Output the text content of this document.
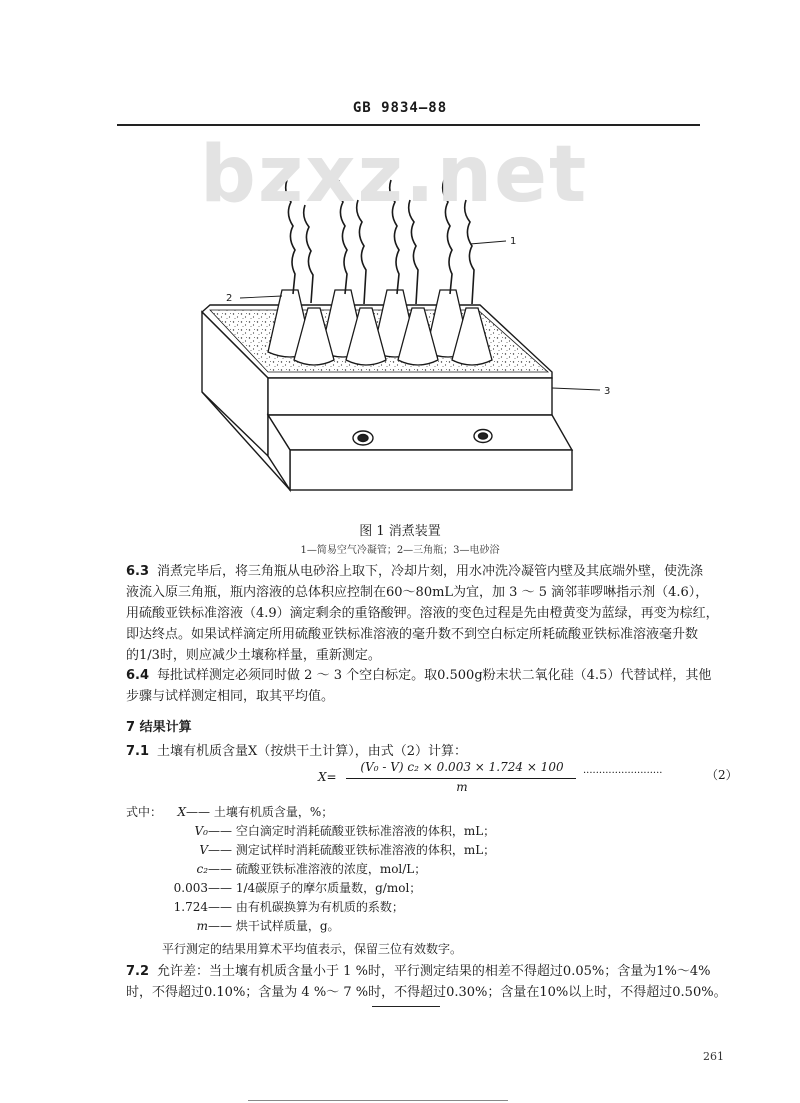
GB 9834—88
1
2
3
bzxz.net
图 1 消煮装置
1—简易空气冷凝管；2—三角瓶；3—电砂浴
6.3 消煮完毕后，将三角瓶从电砂浴上取下，冷却片刻，用水冲洗冷凝管内壁及其底端外壁，使洗涤
液流入原三角瓶，瓶内溶液的总体积应控制在60～80mL为宜，加 3 ～ 5 滴邻菲啰啉指示剂（4.6），
用硫酸亚铁标准溶液（4.9）滴定剩余的重铬酸钾。溶液的变色过程是先由橙黄变为蓝绿，再变为棕红，
即达终点。如果试样滴定所用硫酸亚铁标准溶液的毫升数不到空白标定所耗硫酸亚铁标准溶液毫升数
的1/3时，则应减少土壤称样量，重新测定。
6.4 每批试样测定必须同时做 2 ～ 3 个空白标定。取0.500g粉末状二氧化硅（4.5）代替试样，其他
步骤与试样测定相同，取其平均值。
7 结果计算
7.1 土壤有机质含量X（按烘干土计算），由式（2）计算：
X=
(V₀ - V) c₂ × 0.003 × 1.724 × 100
m
·························	（2）
式中：	X—— 土壤有机质含量，%；
V₀—— 空白滴定时消耗硫酸亚铁标准溶液的体积，mL；
V—— 测定试样时消耗硫酸亚铁标准溶液的体积，mL；
c₂—— 硫酸亚铁标准溶液的浓度，mol/L；
0.003—— 1/4碳原子的摩尔质量数，g/mol；
1.724—— 由有机碳换算为有机质的系数；
m—— 烘干试样质量，g。
平行测定的结果用算术平均值表示，保留三位有效数字。
7.2 允许差：当土壤有机质含量小于 1 %时，平行测定结果的相差不得超过0.05%；含量为1%～4%
时，不得超过0.10%；含量为 4 %～ 7 %时，不得超过0.30%；含量在10%以上时，不得超过0.50%。
261
